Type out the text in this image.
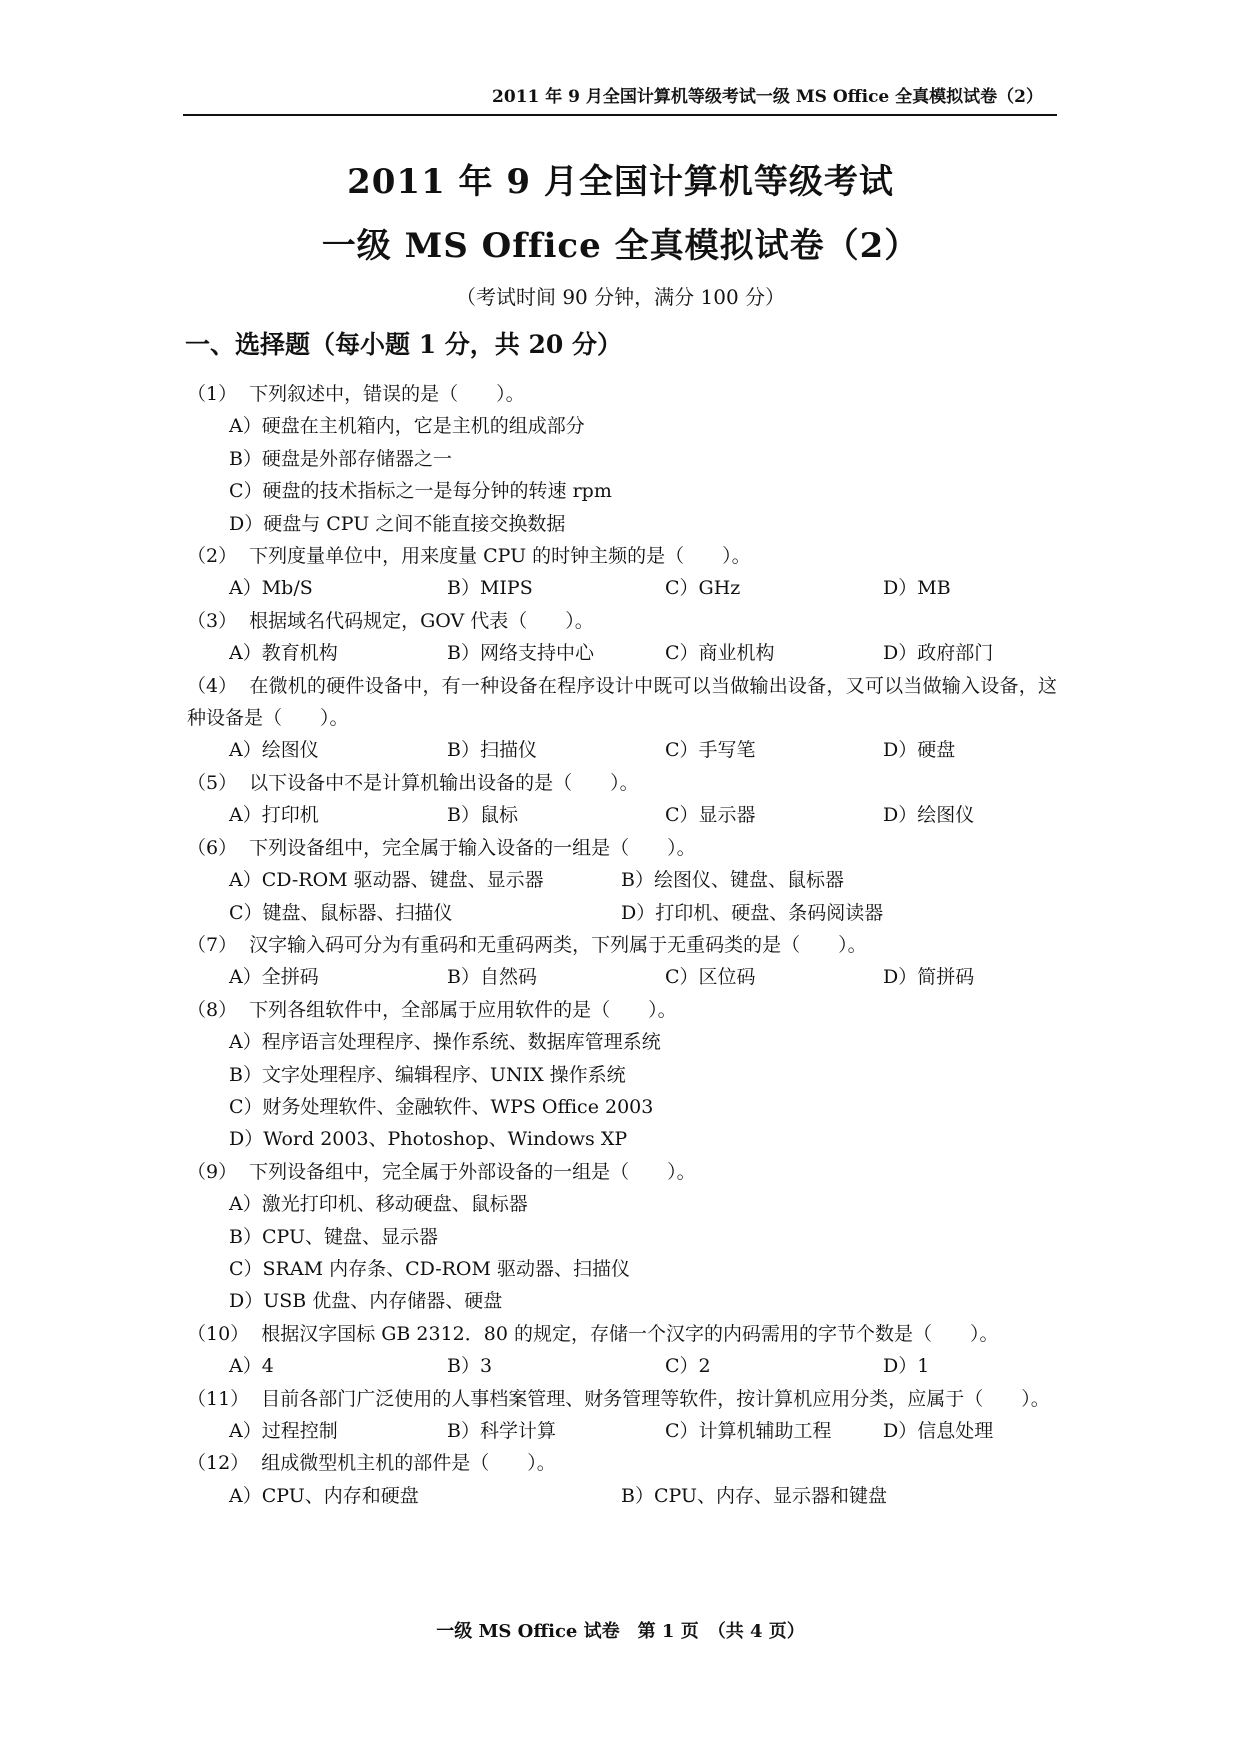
2011 年 9 月全国计算机等级考试一级 MS Office 全真模拟试卷（2）
2011 年 9 月全国计算机等级考试
一级 MS Office 全真模拟试卷（2）
（考试时间 90 分钟，满分 100 分）
一、选择题（每小题 1 分，共 20 分）
（1） 下列叙述中，错误的是（　　）。
A）硬盘在主机箱内，它是主机的组成部分
B）硬盘是外部存储器之一
C）硬盘的技术指标之一是每分钟的转速 rpm
D）硬盘与 CPU 之间不能直接交换数据
（2） 下列度量单位中，用来度量 CPU 的时钟主频的是（　　）。
A）Mb/S	B）MIPS	C）GHz	D）MB
（3） 根据域名代码规定，GOV 代表（　　）。
A）教育机构	B）网络支持中心	C）商业机构	D）政府部门
（4） 在微机的硬件设备中，有一种设备在程序设计中既可以当做输出设备，又可以当做输入设备，这种设备是（　　）。
A）绘图仪	B）扫描仪	C）手写笔	D）硬盘
（5） 以下设备中不是计算机输出设备的是（　　）。
A）打印机	B）鼠标	C）显示器	D）绘图仪
（6） 下列设备组中，完全属于输入设备的一组是（　　）。
A）CD-ROM 驱动器、键盘、显示器	B）绘图仪、键盘、鼠标器
C）键盘、鼠标器、扫描仪	D）打印机、硬盘、条码阅读器
（7） 汉字输入码可分为有重码和无重码两类，下列属于无重码类的是（　　）。
A）全拼码	B）自然码	C）区位码	D）简拼码
（8） 下列各组软件中，全部属于应用软件的是（　　）。
A）程序语言处理程序、操作系统、数据库管理系统
B）文字处理程序、编辑程序、UNIX 操作系统
C）财务处理软件、金融软件、WPS Office 2003
D）Word 2003、Photoshop、Windows XP
（9） 下列设备组中，完全属于外部设备的一组是（　　）。
A）激光打印机、移动硬盘、鼠标器
B）CPU、键盘、显示器
C）SRAM 内存条、CD-ROM 驱动器、扫描仪
D）USB 优盘、内存储器、硬盘
（10） 根据汉字国标 GB 2312．80 的规定，存储一个汉字的内码需用的字节个数是（　　）。
A）4	B）3	C）2	D）1
（11） 目前各部门广泛使用的人事档案管理、财务管理等软件，按计算机应用分类，应属于（　　）。
A）过程控制	B）科学计算	C）计算机辅助工程	D）信息处理
（12） 组成微型机主机的部件是（　　）。
A）CPU、内存和硬盘	B）CPU、内存、显示器和键盘
一级 MS Office 试卷　第 1 页　（共 4 页）
